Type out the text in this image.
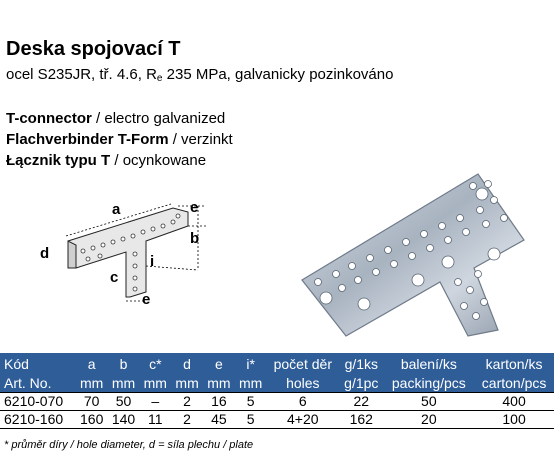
Deska spojovací T
ocel S235JR, tř. 4.6, $R_e$ 235 MPa, galvanicky pozinkováno
T-connector / electro galvanized
Flachverbinder T-Form / verzinkt
Łącznik typu T / ocynkowane
a	e
b
d	i
c
e
Kód	a	b	c*	d	e	i*	počet děr	g/1ks	balení/ks	karton/ks
Art. No.	mm	mm	mm	mm	mm	mm	holes	g/1pc	packing/pcs	carton/pcs
6210-070	70	50	–	2	16	5	6	22	50	400
6210-160	160	140	11	2	45	5	4+20	162	20	100
* průměr díry / hole diameter, d = síla plechu / plate
